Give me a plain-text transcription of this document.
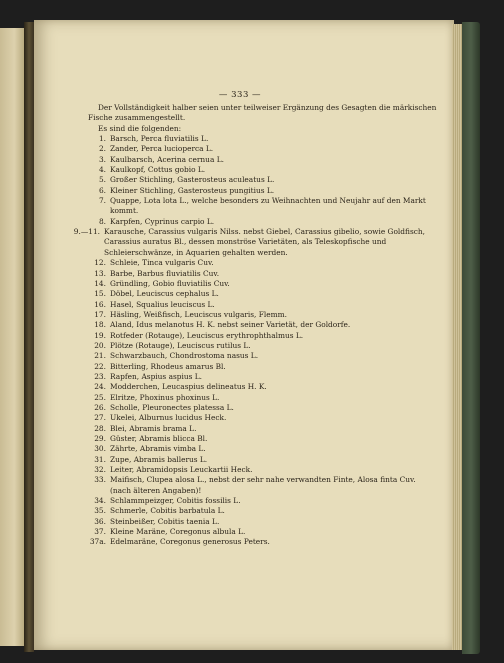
— 333 —

Der Vollständigkeit halber seien unter teilweiser Ergänzung des Gesagten die märkischen Fische zusammengestellt.

Es sind die folgenden:

1. Barsch, Perca fluviatilis L.
2. Zander, Perca lucioperca L.
3. Kaulbarsch, Acerina cernua L.
4. Kaulkopf, Cottus gobio L.
5. Großer Stichling, Gasterosteus aculeatus L.
6. Kleiner Stichling, Gasterosteus pungitius L.
7. Quappe, Lota lota L., welche besonders zu Weihnachten und Neujahr auf den Markt kommt.
8. Karpfen, Cyprinus carpio L.
9.—11. Karausche, Carassius vulgaris Nilss. nebst Giebel, Carassius gibelio, sowie Goldfisch, Carassius auratus Bl., dessen monströse Varietäten, als Teleskopfische und Schleierschwänze, in Aquarien gehalten werden.
12. Schleie, Tinca vulgaris Cuv.
13. Barbe, Barbus fluviatilis Cuv.
14. Gründling, Gobio fluviatilis Cuv.
15. Döbel, Leuciscus cephalus L.
16. Hasel, Squalius leuciscus L.
17. Häsling, Weißfisch, Leuciscus vulgaris, Flemm.
18. Aland, Idus melanotus H. K. nebst seiner Varietät, der Goldorfe.
19. Rotfeder (Rotauge), Leuciscus erythrophthalmus L.
20. Plötze (Rotauge), Leuciscus rutilus L.
21. Schwarzbauch, Chondrostoma nasus L.
22. Bitterling, Rhodeus amarus Bl.
23. Rapfen, Aspius aspius L.
24. Modderchen, Leucaspius delineatus H. K.
25. Elritze, Phoxinus phoxinus L.
26. Scholle, Pleuronectes platessa L.
27. Ukelei, Alburnus lucidus Heck.
28. Blei, Abramis brama L.
29. Güster, Abramis blicca Bl.
30. Zährte, Abramis vimba L.
31. Zupe, Abramis ballerus L.
32. Leiter, Abramidopsis Leuckartii Heck.
33. Maifisch, Clupea alosa L., nebst der sehr nahe verwandten Finte, Alosa finta Cuv. (nach älteren Angaben)!
34. Schlammpeizger, Cobitis fossilis L.
35. Schmerle, Cobitis barbatula L.
36. Steinbeißer, Cobitis taenia L.
37. Kleine Maräne, Coregonus albula L.
37a. Edelmaräne, Coregonus generosus Peters.
